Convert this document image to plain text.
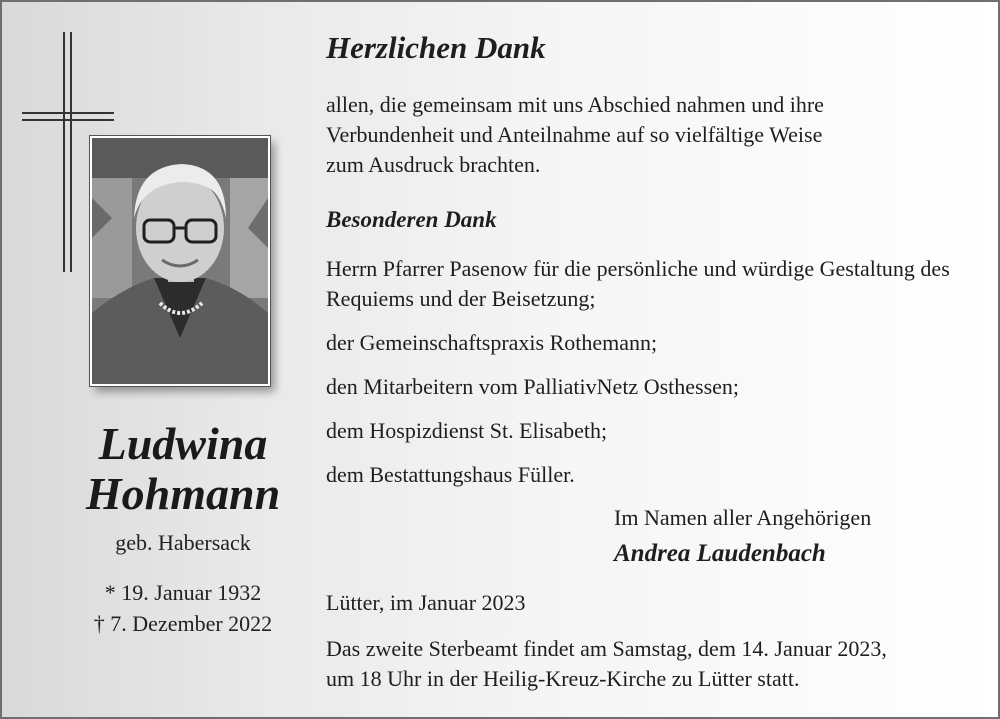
Ludwina
Hohmann
geb. Habersack
* 19. Januar 1932
† 7. Dezember 2022
Herzlichen Dank
allen, die gemeinsam mit uns Abschied nahmen und ihre
Verbundenheit und Anteilnahme auf so vielfältige Weise
zum Ausdruck brachten.
Besonderen Dank
Herrn Pfarrer Pasenow für die persönliche und würdige Gestaltung des Requiems und der Beisetzung;
der Gemeinschaftspraxis Rothemann;
den Mitarbeitern vom PalliativNetz Osthessen;
dem Hospizdienst St. Elisabeth;
dem Bestattungshaus Füller.
Im Namen aller Angehörigen
Andrea Laudenbach
Lütter, im Januar 2023
Das zweite Sterbeamt findet am Samstag, dem 14. Januar 2023,
um 18 Uhr in der Heilig-Kreuz-Kirche zu Lütter statt.
